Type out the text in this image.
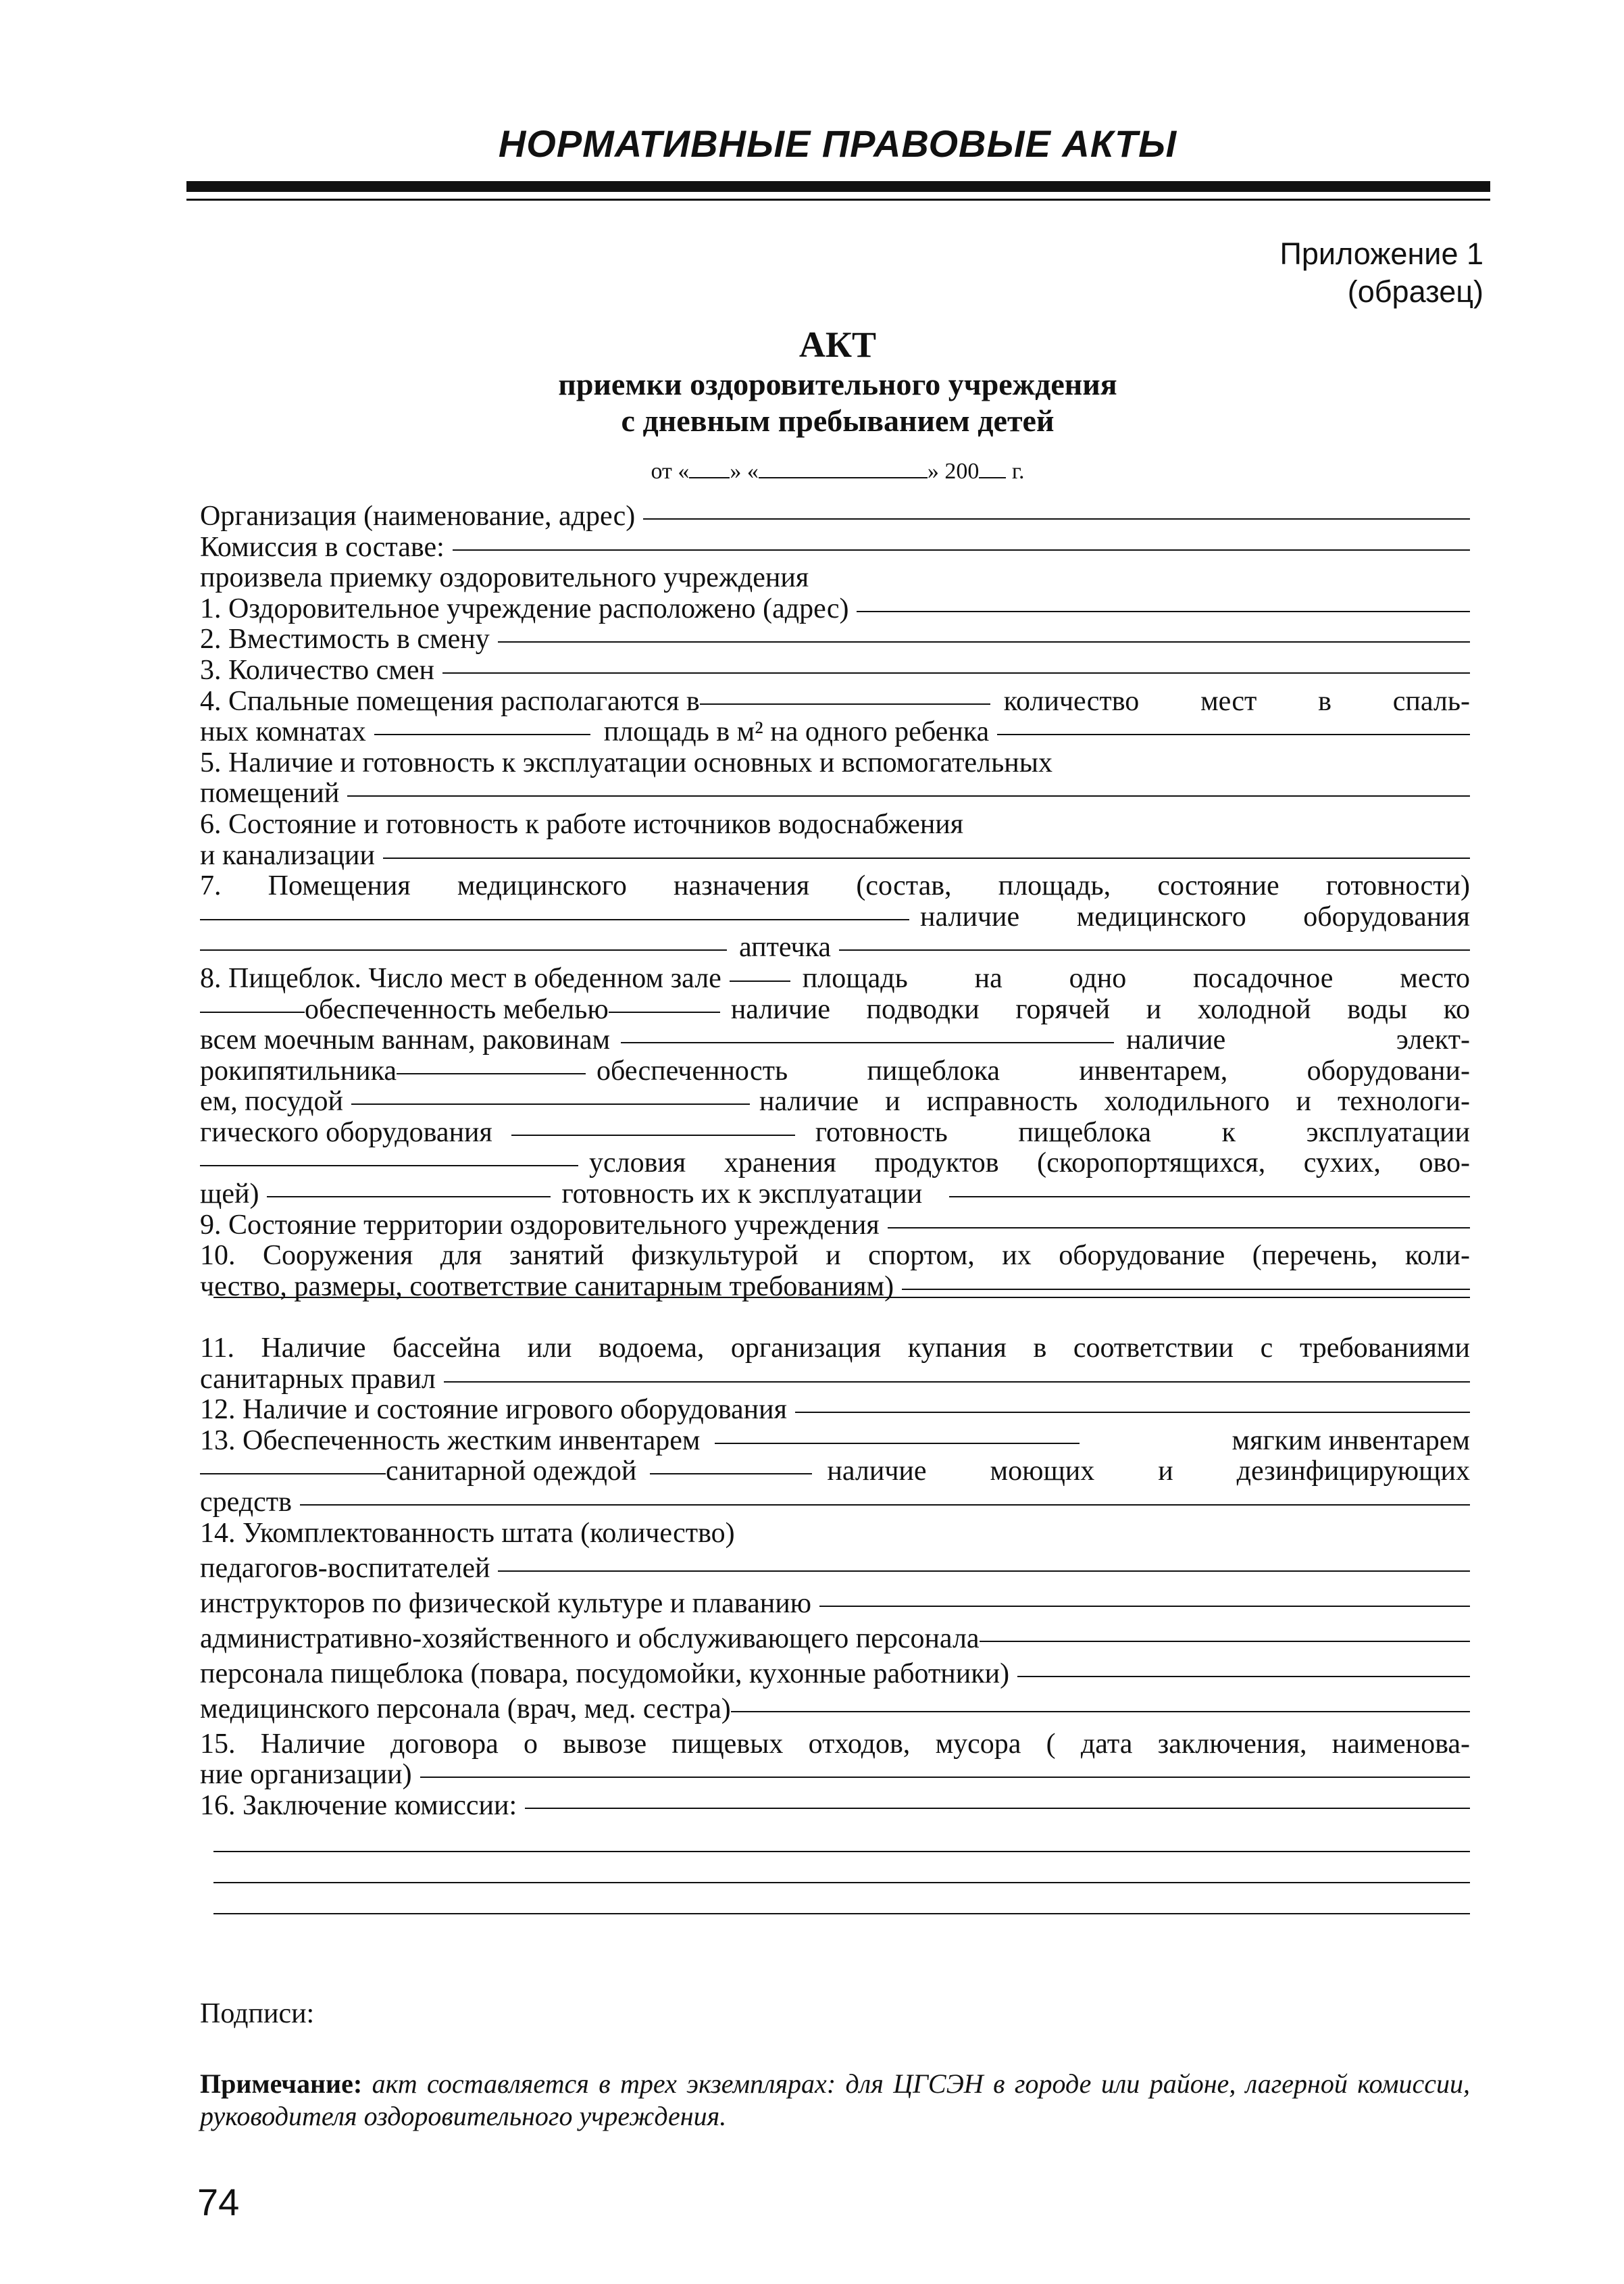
НОРМАТИВНЫЕ ПРАВОВЫЕ АКТЫ
Приложение 1
(образец)
АКТ
приемки оздоровительного учреждения
с дневным пребыванием детей
от « » «	» 200 г.
Организация (наименование, адрес)
Комиссия в составе:
произвела приемку оздоровительного учреждения
1. Оздоровительное учреждение расположено (адрес)
2. Вместимость в смену
3. Количество смен
4. Спальные помещения располагаются в	количество мест в спаль-
ных комнатах	площадь в м² на одного ребенка
5. Наличие и готовность к эксплуатации основных и вспомогательных
помещений
6. Состояние и готовность к работе источников водоснабжения
и канализации
7. Помещения медицинского назначения (состав, площадь, состояние готовности)
наличие медицинского оборудования
аптечка
8. Пищеблок. Число мест в обеденном зале	площадь на одно посадочное место
обеспеченность мебелью	наличие подводки горячей и холодной воды ко
всем моечным ваннам, раковинам	наличие элект-
рокипятильника	обеспеченность пищеблока инвентарем, оборудовани-
ем, посудой	наличие и исправность холодильного и технологи-
гического оборудования	готовность пищеблока к эксплуатации
условия хранения продуктов (скоропортящихся, сухих, ово-
щей)	готовность их к эксплуатации
9. Состояние территории оздоровительного учреждения
10. Сооружения для занятий физкультурой и спортом, их оборудование (перечень, коли-
чество, размеры, соответствие санитарным требованиям)
11. Наличие бассейна или водоема, организация купания в соответствии с требованиями
санитарных правил
12. Наличие и состояние игрового оборудования
13. Обеспеченность жестким инвентарем	мягким инвентарем
санитарной одеждой	наличие моющих и дезинфицирующих
средств
14. Укомплектованность штата (количество)
педагогов-воспитателей
инструкторов по физической культуре и плаванию
административно-хозяйственного и обслуживающего персонала
персонала пищеблока (повара, посудомойки, кухонные работники)
медицинского персонала (врач, мед. сестра)
15. Наличие договора о вывозе пищевых отходов, мусора ( дата заключения, наименова-
ние организации)
16. Заключение комиссии:
Подписи:
Примечание: акт составляется в трех экземплярах: для ЦГСЭН в городе или районе, лагерной комиссии, руководителя оздоровительного учреждения.
74
